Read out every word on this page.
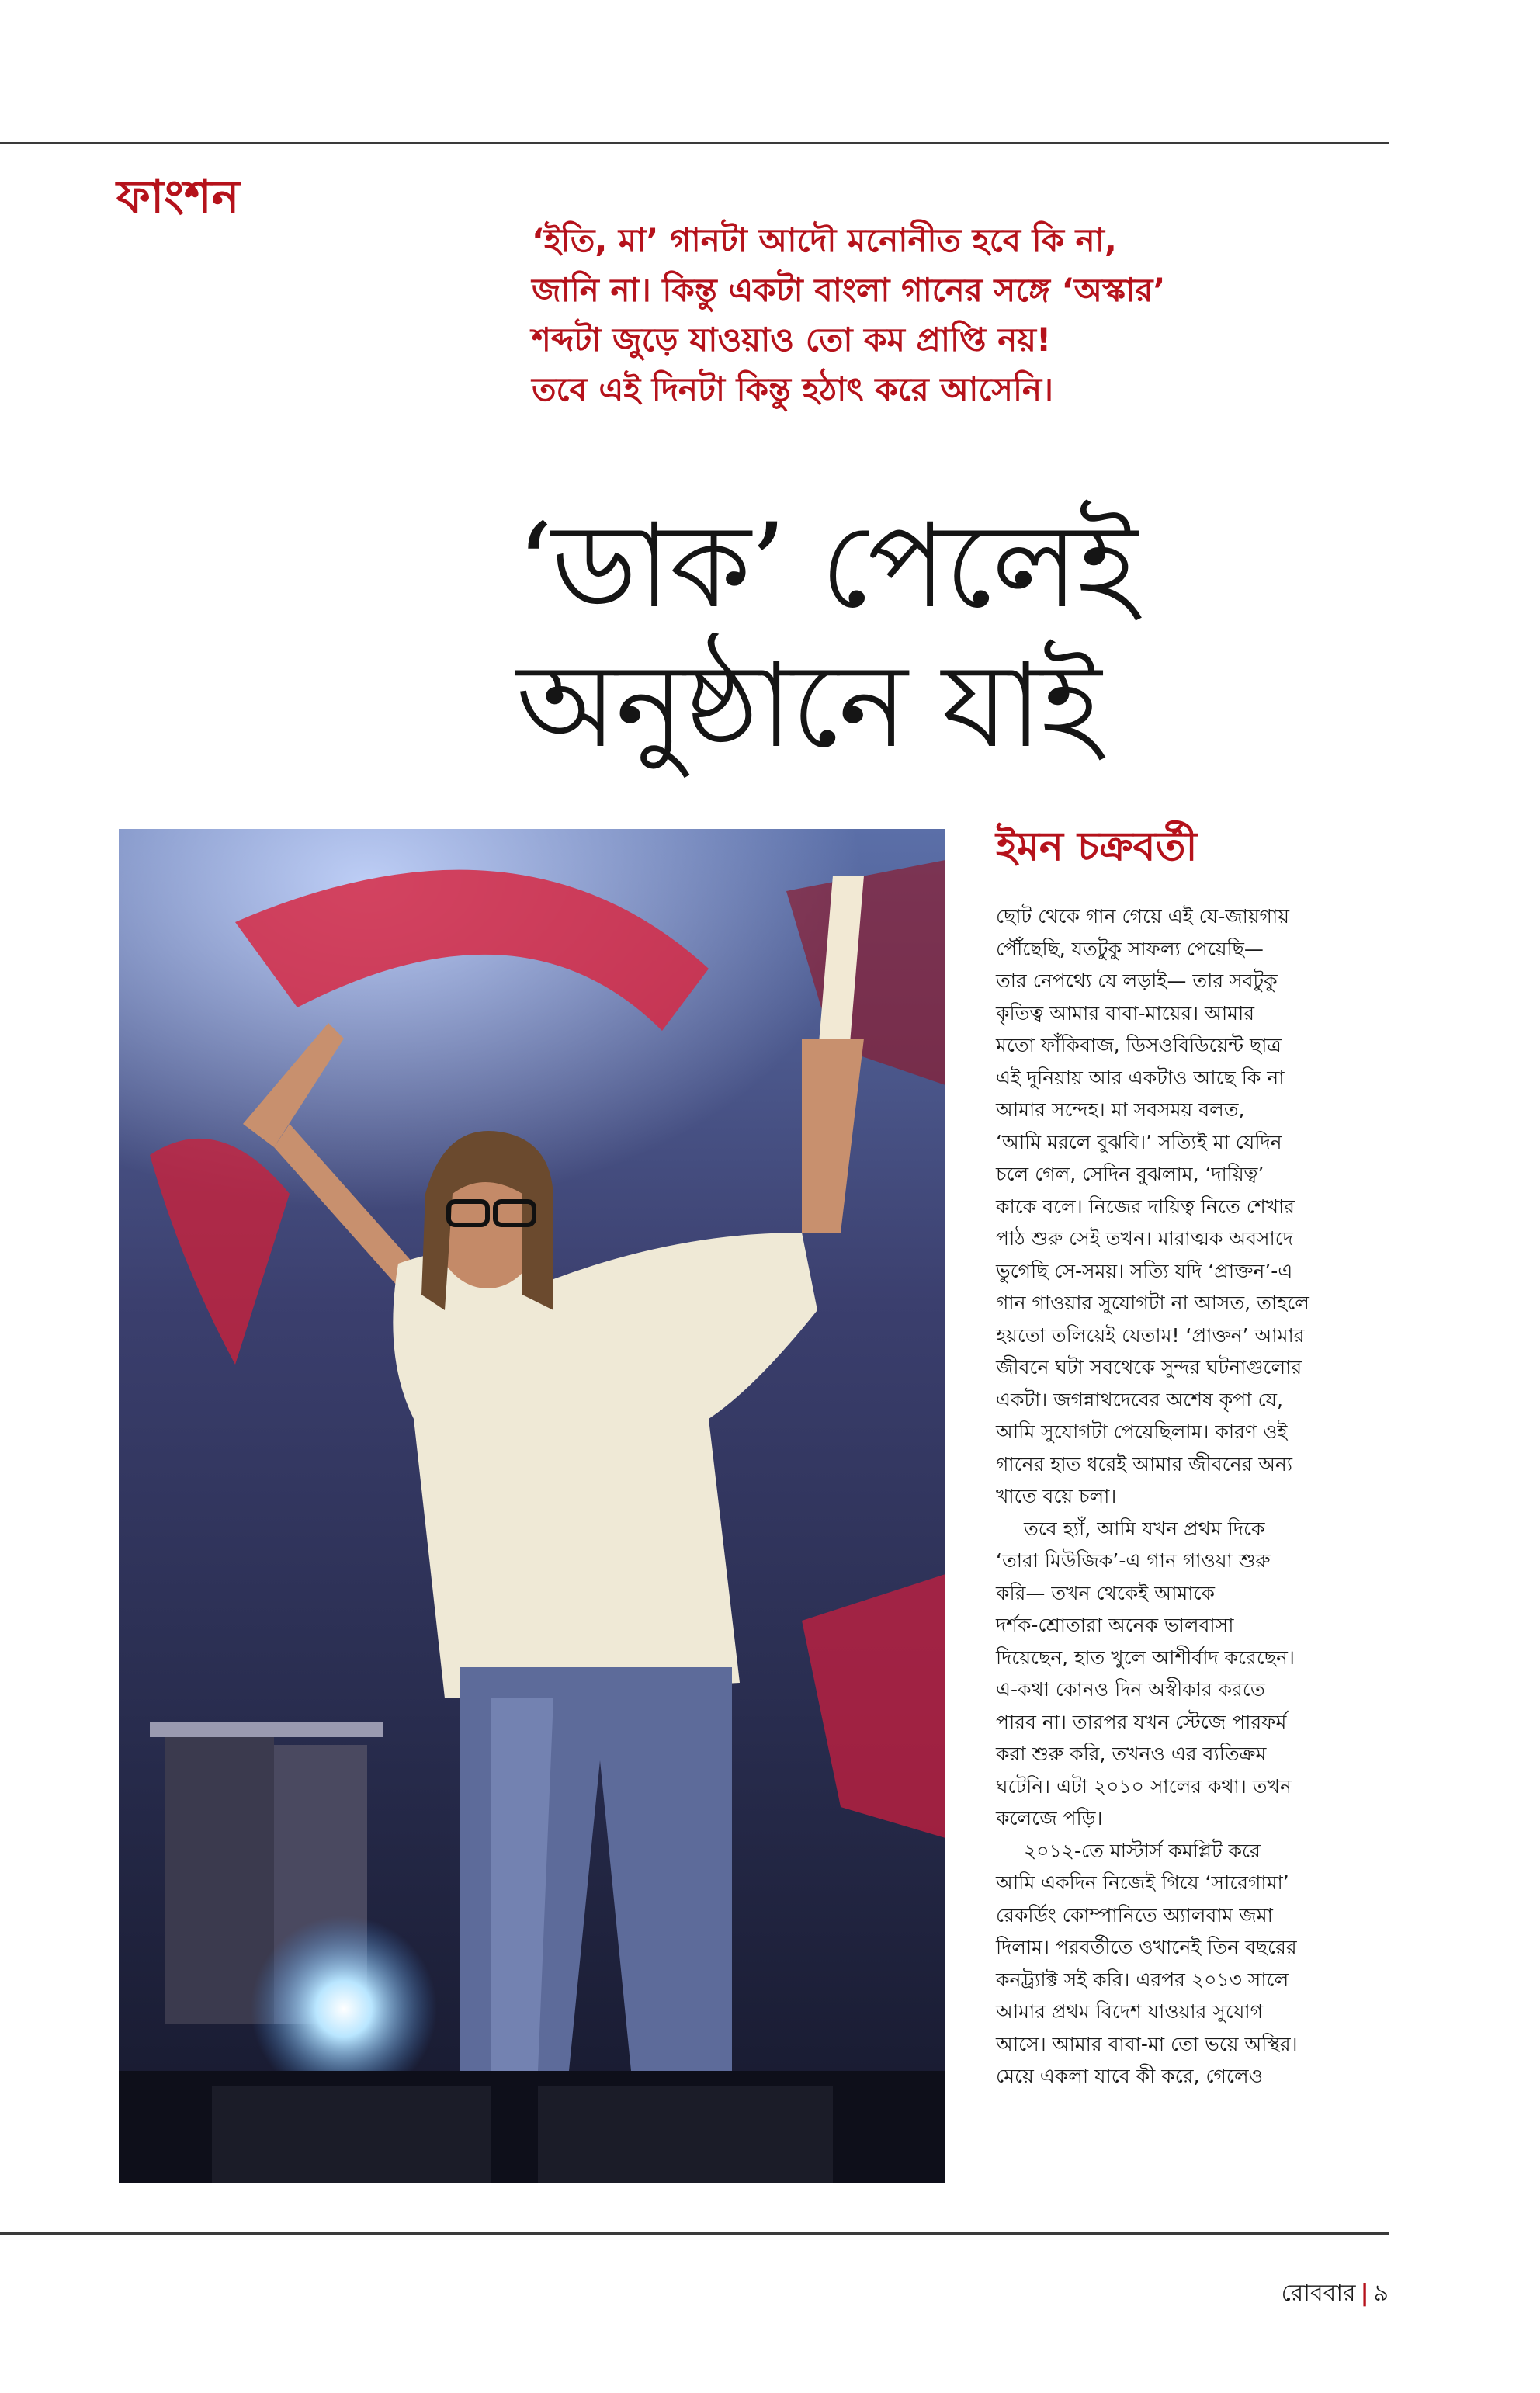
ফাংশন

‘ইতি, মা’ গানটা আদৌ মনোনীত হবে কি না,
জানি না। কিন্তু একটা বাংলা গানের সঙ্গে ‘অস্কার’
শব্দটা জুড়ে যাওয়াও তো কম প্রাপ্তি নয়!
তবে এই দিনটা কিন্তু হঠাৎ করে আসেনি।

‘ডাক’ পেলেই
অনুষ্ঠানে যাই
ইমন চক্রবর্তী
ছোট থেকে গান গেয়ে এই যে-জায়গায়
পৌঁছেছি, যতটুকু সাফল্য পেয়েছি—
তার নেপথ্যে যে লড়াই— তার সবটুকু
কৃতিত্ব আমার বাবা-মায়ের। আমার
মতো ফাঁকিবাজ, ডিসওবিডিয়েন্ট ছাত্র
এই দুনিয়ায় আর একটাও আছে কি না
আমার সন্দেহ। মা সবসময় বলত,
‘আমি মরলে বুঝবি।’ সত্যিই মা যেদিন
চলে গেল, সেদিন বুঝলাম, ‘দায়িত্ব’
কাকে বলে। নিজের দায়িত্ব নিতে শেখার
পাঠ শুরু সেই তখন। মারাত্মক অবসাদে
ভুগেছি সে-সময়। সত্যি যদি ‘প্রাক্তন’-এ
গান গাওয়ার সুযোগটা না আসত, তাহলে
হয়তো তলিয়েই যেতাম! ‘প্রাক্তন’ আমার
জীবনে ঘটা সবথেকে সুন্দর ঘটনাগুলোর
একটা। জগন্নাথদেবের অশেষ কৃপা যে,
আমি সুযোগটা পেয়েছিলাম। কারণ ওই
গানের হাত ধরেই আমার জীবনের অন্য
খাতে বয়ে চলা।
তবে হ্যাঁ, আমি যখন প্রথম দিকে
‘তারা মিউজিক’-এ গান গাওয়া শুরু
করি— তখন থেকেই আমাকে
দর্শক-শ্রোতারা অনেক ভালবাসা
দিয়েছেন, হাত খুলে আশীর্বাদ করেছেন।
এ-কথা কোনও দিন অস্বীকার করতে
পারব না। তারপর যখন স্টেজে পারফর্ম
করা শুরু করি, তখনও এর ব্যতিক্রম
ঘটেনি। এটা ২০১০ সালের কথা। তখন
কলেজে পড়ি।
২০১২-তে মাস্টার্স কমপ্লিট করে
আমি একদিন নিজেই গিয়ে ‘সারেগামা’
রেকর্ডিং কোম্পানিতে অ্যালবাম জমা
দিলাম। পরবর্তীতে ওখানেই তিন বছরের
কনট্র্যাক্ট সই করি। এরপর ২০১৩ সালে
আমার প্রথম বিদেশ যাওয়ার সুযোগ
আসে। আমার বাবা-মা তো ভয়ে অস্থির।
মেয়ে একলা যাবে কী করে, গেলেও
রোববার | ৯
